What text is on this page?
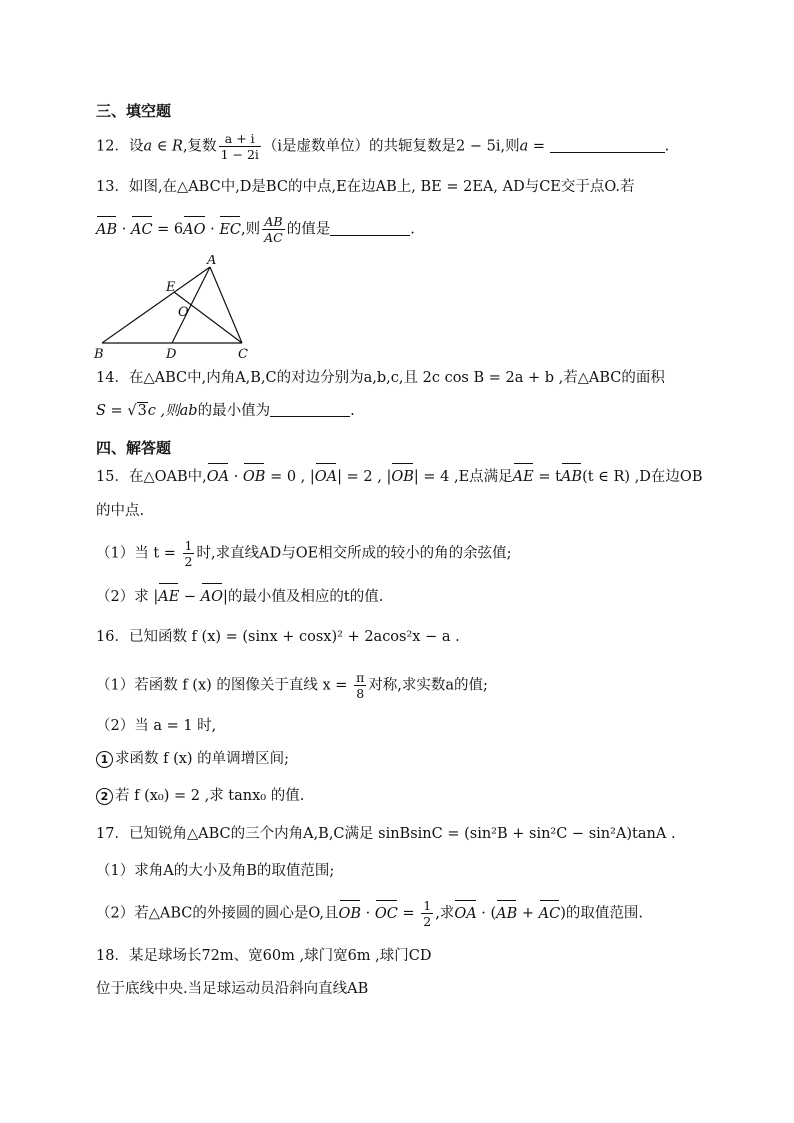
三、填空题
12．设a ∈ R,复数 $\frac{a + i}{1 - 2i} (i$是虚数单位）的共轭复数是2 − 5i,则a =	.
13．如图,在△ABC中,D是BC的中点,E在边AB上, BE = 2EA, AD与CE交于点O.若
AB · AC = 6AO · EC,则 $\frac{AB}{AC}$ 的值是	.
A
B	C
D
E
O
14．在△ABC中,内角A,B,C的对边分别为a,b,c,且 2c cos B = 2a + b ,若△ABC的面积
S = √3c ,则ab的最小值为	.
四、解答题
15．在△OAB中,OA · OB = 0 , |OA| = 2 , |OB| = 4 ,E点满足AE = tAB(t ∈ R) ,D在边OB
的中点.
（1）当 $t = \frac{1}{2}$ 时,求直线AD与OE相交所成的较小的角的余弦值;
（2）求 |AE − AO|的最小值及相应的t的值.
16．已知函数 f (x) = (sinx + cosx)² + 2acos²x − a .
（1）若函数 f (x) 的图像关于直线 $x = \frac{\pi}{8}$ 对称,求实数a的值;
（2）当 a = 1 时,
1 求函数 f (x) 的单调增区间;
2 若 f (x₀) = 2 ,求 tanx₀ 的值.
17．已知锐角△ABC的三个内角A,B,C满足 sinBsinC = (sin²B + sin²C − sin²A)tanA .
（1）求角A的大小及角B的取值范围;
（2）若△ABC的外接圆的圆心是O,且OB · OC = $\frac{1}{2}$ ,求OA · (AB + AC)的取值范围.
18．某足球场长72m、宽60m ,球门宽6m ,球门CD
位于底线中央.当足球运动员沿斜向直线AB
